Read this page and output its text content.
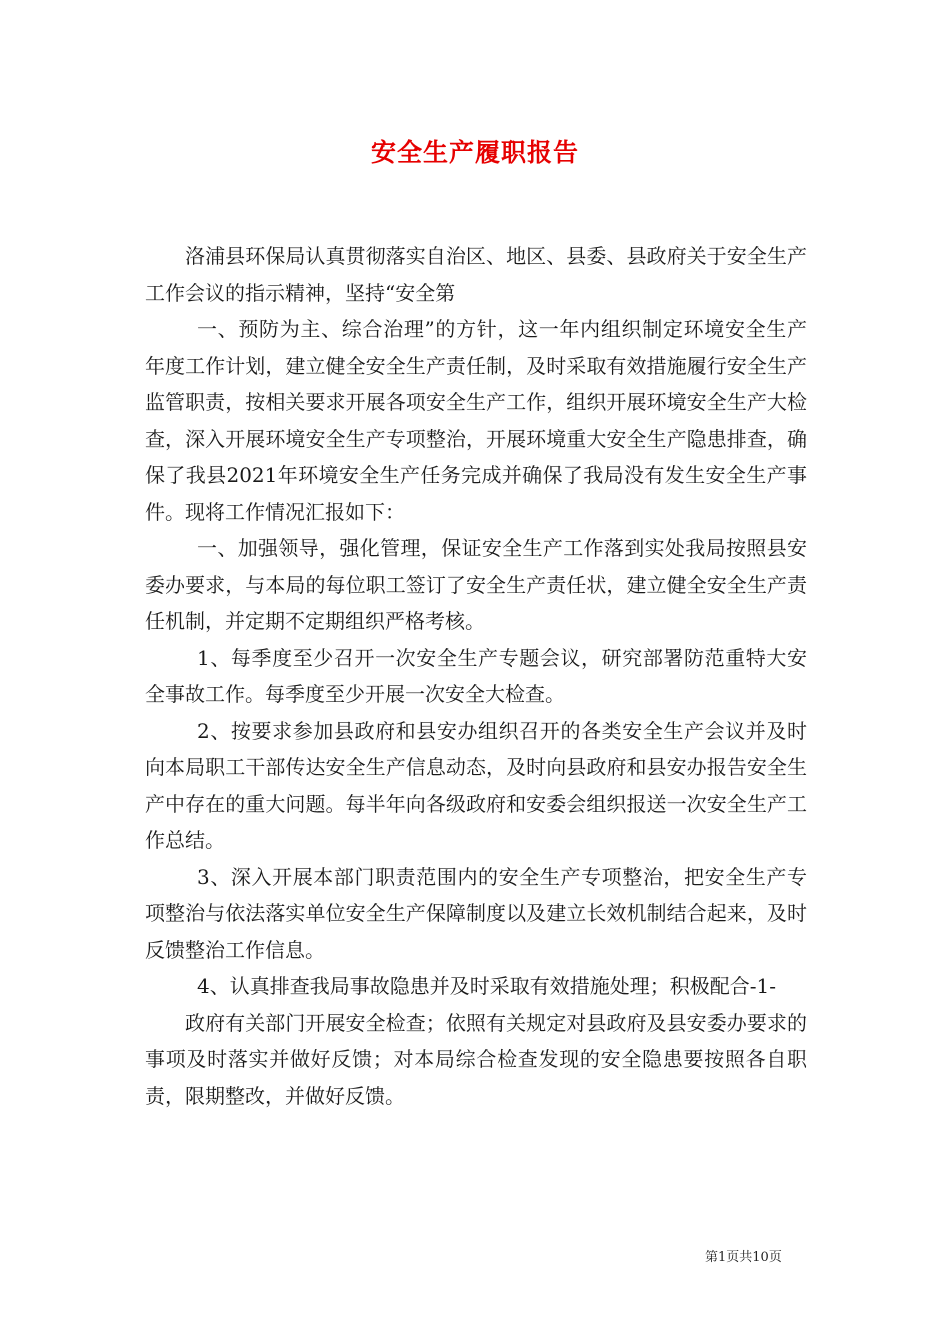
安全生产履职报告

洛浦县环保局认真贯彻落实自治区、地区、县委、县政府关于安全生产工作会议的指示精神，坚持“安全第

一、预防为主、综合治理”的方针，这一年内组织制定环境安全生产年度工作计划，建立健全安全生产责任制，及时采取有效措施履行安全生产监管职责，按相关要求开展各项安全生产工作，组织开展环境安全生产大检查，深入开展环境安全生产专项整治，开展环境重大安全生产隐患排查，确保了我县2021年环境安全生产任务完成并确保了我局没有发生安全生产事件。现将工作情况汇报如下：

一、加强领导，强化管理，保证安全生产工作落到实处我局按照县安委办要求，与本局的每位职工签订了安全生产责任状，建立健全安全生产责任机制，并定期不定期组织严格考核。

1、每季度至少召开一次安全生产专题会议，研究部署防范重特大安全事故工作。每季度至少开展一次安全大检查。

2、按要求参加县政府和县安办组织召开的各类安全生产会议并及时向本局职工干部传达安全生产信息动态，及时向县政府和县安办报告安全生产中存在的重大问题。每半年向各级政府和安委会组织报送一次安全生产工作总结。

3、深入开展本部门职责范围内的安全生产专项整治，把安全生产专项整治与依法落实单位安全生产保障制度以及建立长效机制结合起来，及时反馈整治工作信息。

4、认真排查我局事故隐患并及时采取有效措施处理；积极配合-1-

政府有关部门开展安全检查；依照有关规定对县政府及县安委办要求的事项及时落实并做好反馈；对本局综合检查发现的安全隐患要按照各自职责，限期整改，并做好反馈。

第1页共10页
